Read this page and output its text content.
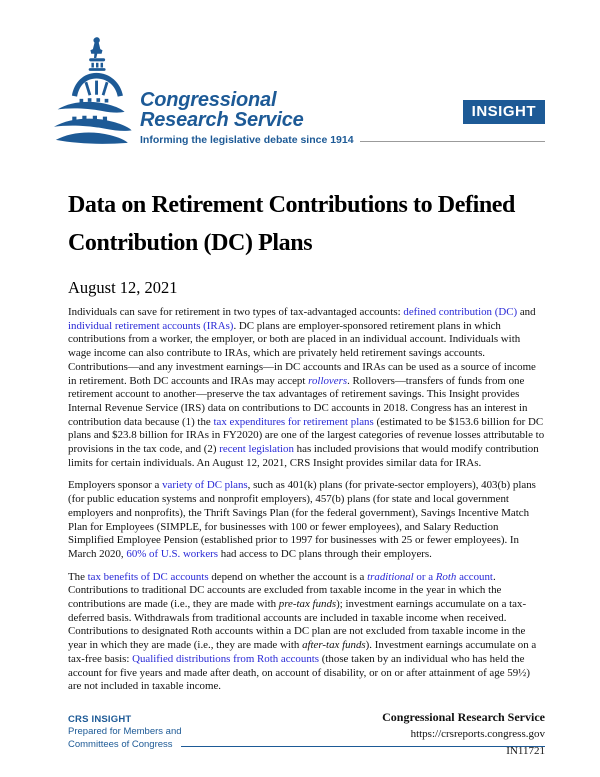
Congressional
Research Service
Informing the legislative debate since 1914
INSIGHT
Data on Retirement Contributions to Defined
Contribution (DC) Plans
August 12, 2021

Individuals can save for retirement in two types of tax-advantaged accounts: defined contribution (DC) and individual retirement accounts (IRAs). DC plans are employer-sponsored retirement plans in which contributions from a worker, the employer, or both are placed in an individual account. Individuals with wage income can also contribute to IRAs, which are privately held retirement savings accounts. Contributions—and any investment earnings—in DC accounts and IRAs can be used as a source of income in retirement. Both DC accounts and IRAs may accept rollovers. Rollovers—transfers of funds from one retirement account to another—preserve the tax advantages of retirement savings. This Insight provides Internal Revenue Service (IRS) data on contributions to DC accounts in 2018. Congress has an interest in contribution data because (1) the tax expenditures for retirement plans (estimated to be $153.6 billion for DC plans and $23.8 billion for IRAs in FY2020) are one of the largest categories of revenue losses attributable to provisions in the tax code, and (2) recent legislation has included provisions that would modify contribution limits for certain individuals. An August 12, 2021, CRS Insight provides similar data for IRAs.

Employers sponsor a variety of DC plans, such as 401(k) plans (for private-sector employers), 403(b) plans (for public education systems and nonprofit employers), 457(b) plans (for state and local government employers and nonprofits), the Thrift Savings Plan (for the federal government), Savings Incentive Match Plan for Employees (SIMPLE, for businesses with 100 or fewer employees), and Salary Reduction Simplified Employee Pension (established prior to 1997 for businesses with 25 or fewer employees). In March 2020, 60% of U.S. workers had access to DC plans through their employers.

The tax benefits of DC accounts depend on whether the account is a traditional or a Roth account. Contributions to traditional DC accounts are excluded from taxable income in the year in which the contributions are made (i.e., they are made with pre-tax funds); investment earnings accumulate on a tax-deferred basis. Withdrawals from traditional accounts are included in taxable income when received. Contributions to designated Roth accounts within a DC plan are not excluded from taxable income in the year in which they are made (i.e., they are made with after-tax funds). Investment earnings accumulate on a tax-free basis: Qualified distributions from Roth accounts (those taken by an individual who has held the account for five years and made after death, on account of disability, or on or after attainment of age 59½) are not included in taxable income.

Congressional Research Service
https://crsreports.congress.gov
IN11721
CRS INSIGHT
Prepared for Members and
Committees of Congress
